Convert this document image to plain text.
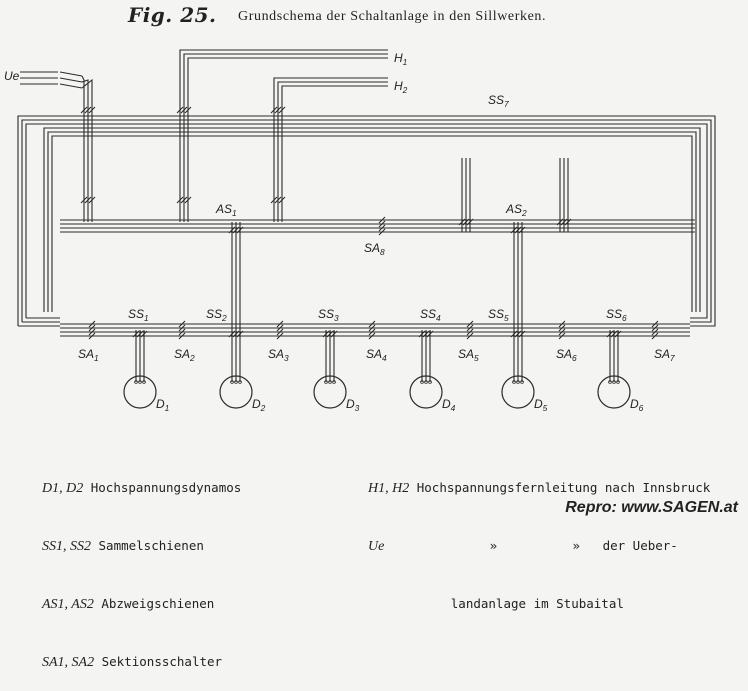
Fig. 25. Grundschema der Schaltanlage in den Sillwerken.
$D_1$	$D_2$	$D_3$	$D_4$	$D_5$	$D_6$
Ue
$H_1$
$H_2$
$SS_7$
$AS_1$	$AS_2$
$SA_8$
$SS_1$	$SS_2$	$SS_3$	$SS_4$	$SS_5$	$SS_6$
$SA_1$	$SA_2$	$SA_3$	$SA_4$	$SA_5$	$SA_6$	$SA_7$

D1, D2 Hochspannungsdynamos

SS1, SS2 Sammelschienen

AS1, AS2 Abzweigschienen

SA1, SA2 Sektionsschalter

H1, H2 Hochspannungsfernleitung nach Innsbruck

Ue              »          »   der Ueber-

landanlage im Stubaital

Repro: www.SAGEN.at
